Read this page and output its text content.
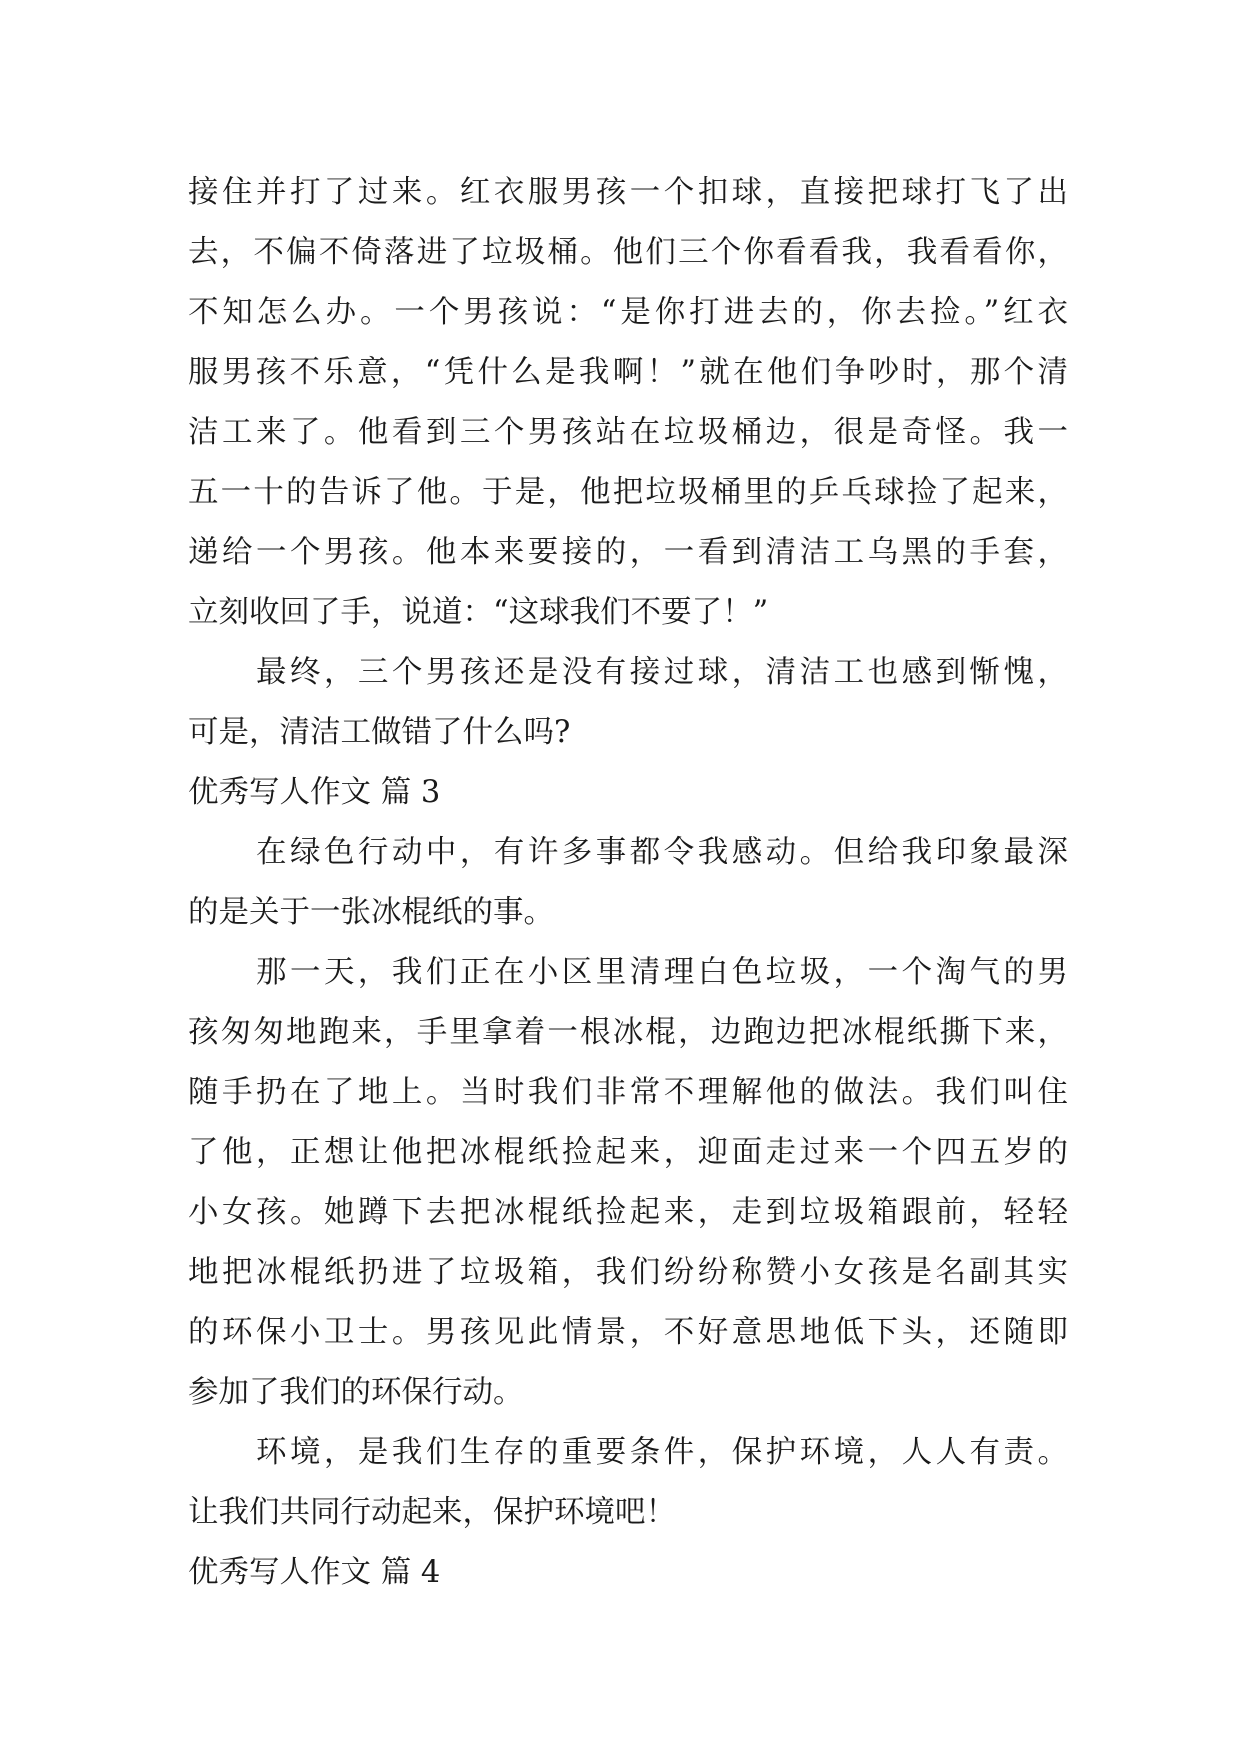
接住并打了过来。红衣服男孩一个扣球，直接把球打飞了出
去，不偏不倚落进了垃圾桶。他们三个你看看我，我看看你，
不知怎么办。一个男孩说：“是你打进去的，你去捡。”红衣
服男孩不乐意，“凭什么是我啊！”就在他们争吵时，那个清
洁工来了。他看到三个男孩站在垃圾桶边，很是奇怪。我一
五一十的告诉了他。于是，他把垃圾桶里的乒乓球捡了起来，
递给一个男孩。他本来要接的，一看到清洁工乌黑的手套，
立刻收回了手，说道：“这球我们不要了！”
最终，三个男孩还是没有接过球，清洁工也感到惭愧，
可是，清洁工做错了什么吗?
优秀写人作文 篇 3
在绿色行动中，有许多事都令我感动。但给我印象最深
的是关于一张冰棍纸的事。
那一天，我们正在小区里清理白色垃圾，一个淘气的男
孩匆匆地跑来，手里拿着一根冰棍，边跑边把冰棍纸撕下来，
随手扔在了地上。当时我们非常不理解他的做法。我们叫住
了他，正想让他把冰棍纸捡起来，迎面走过来一个四五岁的
小女孩。她蹲下去把冰棍纸捡起来，走到垃圾箱跟前，轻轻
地把冰棍纸扔进了垃圾箱，我们纷纷称赞小女孩是名副其实
的环保小卫士。男孩见此情景，不好意思地低下头，还随即
参加了我们的环保行动。
环境，是我们生存的重要条件，保护环境，人人有责。
让我们共同行动起来，保护环境吧！
优秀写人作文 篇 4
